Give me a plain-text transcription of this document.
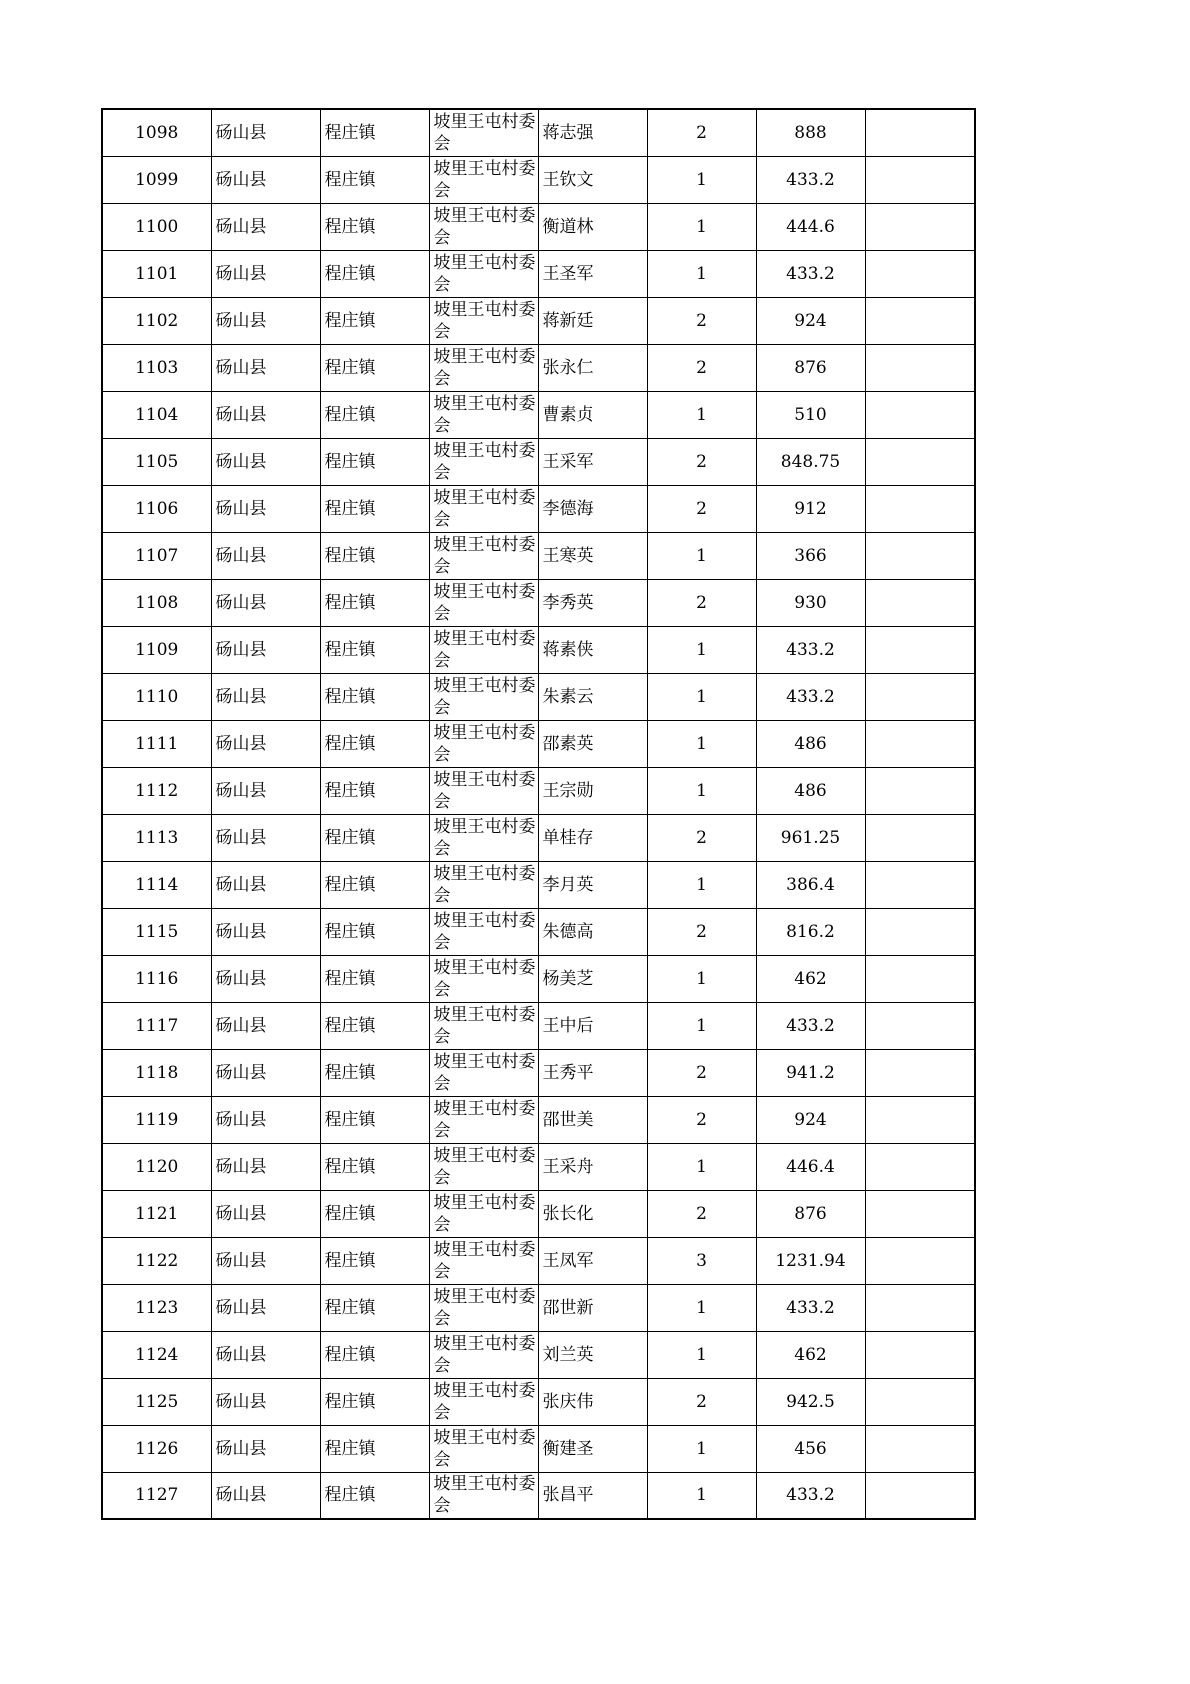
1098	砀山县	程庄镇	坡里王屯村委会	蒋志强	2	888	
1099	砀山县	程庄镇	坡里王屯村委会	王钦文	1	433.2	
1100	砀山县	程庄镇	坡里王屯村委会	衡道林	1	444.6	
1101	砀山县	程庄镇	坡里王屯村委会	王圣军	1	433.2	
1102	砀山县	程庄镇	坡里王屯村委会	蒋新廷	2	924	
1103	砀山县	程庄镇	坡里王屯村委会	张永仁	2	876	
1104	砀山县	程庄镇	坡里王屯村委会	曹素贞	1	510	
1105	砀山县	程庄镇	坡里王屯村委会	王采军	2	848.75	
1106	砀山县	程庄镇	坡里王屯村委会	李德海	2	912	
1107	砀山县	程庄镇	坡里王屯村委会	王寒英	1	366	
1108	砀山县	程庄镇	坡里王屯村委会	李秀英	2	930	
1109	砀山县	程庄镇	坡里王屯村委会	蒋素侠	1	433.2	
1110	砀山县	程庄镇	坡里王屯村委会	朱素云	1	433.2	
1111	砀山县	程庄镇	坡里王屯村委会	邵素英	1	486	
1112	砀山县	程庄镇	坡里王屯村委会	王宗勋	1	486	
1113	砀山县	程庄镇	坡里王屯村委会	单桂存	2	961.25	
1114	砀山县	程庄镇	坡里王屯村委会	李月英	1	386.4	
1115	砀山县	程庄镇	坡里王屯村委会	朱德高	2	816.2	
1116	砀山县	程庄镇	坡里王屯村委会	杨美芝	1	462	
1117	砀山县	程庄镇	坡里王屯村委会	王中后	1	433.2	
1118	砀山县	程庄镇	坡里王屯村委会	王秀平	2	941.2	
1119	砀山县	程庄镇	坡里王屯村委会	邵世美	2	924	
1120	砀山县	程庄镇	坡里王屯村委会	王采舟	1	446.4	
1121	砀山县	程庄镇	坡里王屯村委会	张长化	2	876	
1122	砀山县	程庄镇	坡里王屯村委会	王凤军	3	1231.94	
1123	砀山县	程庄镇	坡里王屯村委会	邵世新	1	433.2	
1124	砀山县	程庄镇	坡里王屯村委会	刘兰英	1	462	
1125	砀山县	程庄镇	坡里王屯村委会	张庆伟	2	942.5	
1126	砀山县	程庄镇	坡里王屯村委会	衡建圣	1	456	
1127	砀山县	程庄镇	坡里王屯村委会	张昌平	1	433.2	
